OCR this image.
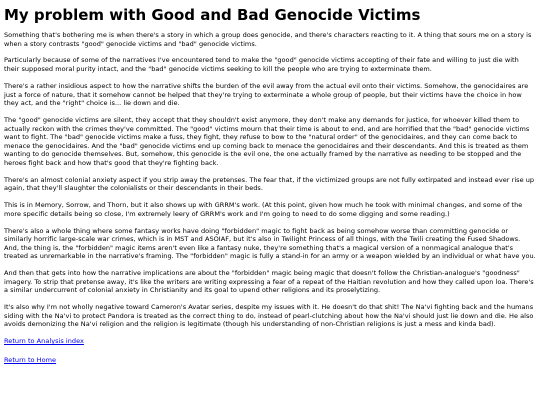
My problem with Good and Bad Genocide Victims

Something that's bothering me is when there's a story in which a group does genocide, and there's characters reacting to it. A thing that sours me on a story is when a story contrasts "good" genocide victims and "bad" genocide victims.

Particularly because of some of the narratives I've encountered tend to make the "good" genocide victims accepting of their fate and willing to just die with their supposed moral purity intact, and the "bad" genocide victims seeking to kill the people who are trying to exterminate them.

There's a rather insidious aspect to how the narrative shifts the burden of the evil away from the actual evil onto their victims. Somehow, the genocidaires are just a force of nature, that it somehow cannot be helped that they're trying to exterminate a whole group of people, but their victims have the choice in how they act, and the "right" choice is... lie down and die.

The "good" genocide victims are silent, they accept that they shouldn't exist anymore, they don't make any demands for justice, for whoever killed them to actually reckon with the crimes they've committed. The "good" victims mourn that their time is about to end, and are horrified that the "bad" genocide victims want to fight. The "bad" genocide victims make a fuss, they fight, they refuse to bow to the "natural order" of the genocidaires, and they can come back to menace the genocidaires. And the "bad" genocide victims end up coming back to menace the genocidaires and their descendants. And this is treated as them wanting to do genocide themselves. But, somehow, this genocide is the evil one, the one actually framed by the narrative as needing to be stopped and the heroes fight back and how that's good that they're fighting back.

There's an almost colonial anxiety aspect if you strip away the pretenses. The fear that, if the victimized groups are not fully extirpated and instead ever rise up again, that they'll slaughter the colonialists or their descendants in their beds.

This is in Memory, Sorrow, and Thorn, but it also shows up with GRRM's work. (At this point, given how much he took with minimal changes, and some of the more specific details being so close, I'm extremely leery of GRRM's work and I'm going to need to do some digging and some reading.)

There's also a whole thing where some fantasy works have doing "forbidden" magic to fight back as being somehow worse than committing genocide or similarly horrific large-scale war crimes, which is in MST and ASOIAF, but it's also in Twilight Princess of all things, with the Twili creating the Fused Shadows. And, the thing is, the "forbidden" magic items aren't even like a fantasy nuke, they're something that's a magical version of a nonmagical analogue that's treated as unremarkable in the narrative's framing. The "forbidden" magic is fully a stand-in for an army or a weapon wielded by an individual or what have you.

And then that gets into how the narrative implications are about the "forbidden" magic being magic that doesn't follow the Christian-analogue's "goodness" imagery. To strip that pretense away, it's like the writers are writing expressing a fear of a repeat of the Haitian revolution and how they called upon loa. There's a similar undercurrent of colonial anxiety in Christianity and its goal to upend other religions and its proselytizing.

It's also why I'm not wholly negative toward Cameron's Avatar series, despite my issues with it. He doesn't do that shit! The Na'vi fighting back and the humans siding with the Na'vi to protect Pandora is treated as the correct thing to do, instead of pearl-clutching about how the Na'vi should just lie down and die. He also avoids demonizing the Na'vi religion and the religion is legitimate (though his understanding of non-Christian religions is just a mess and kinda bad).

Return to Analysis index

Return to Home
